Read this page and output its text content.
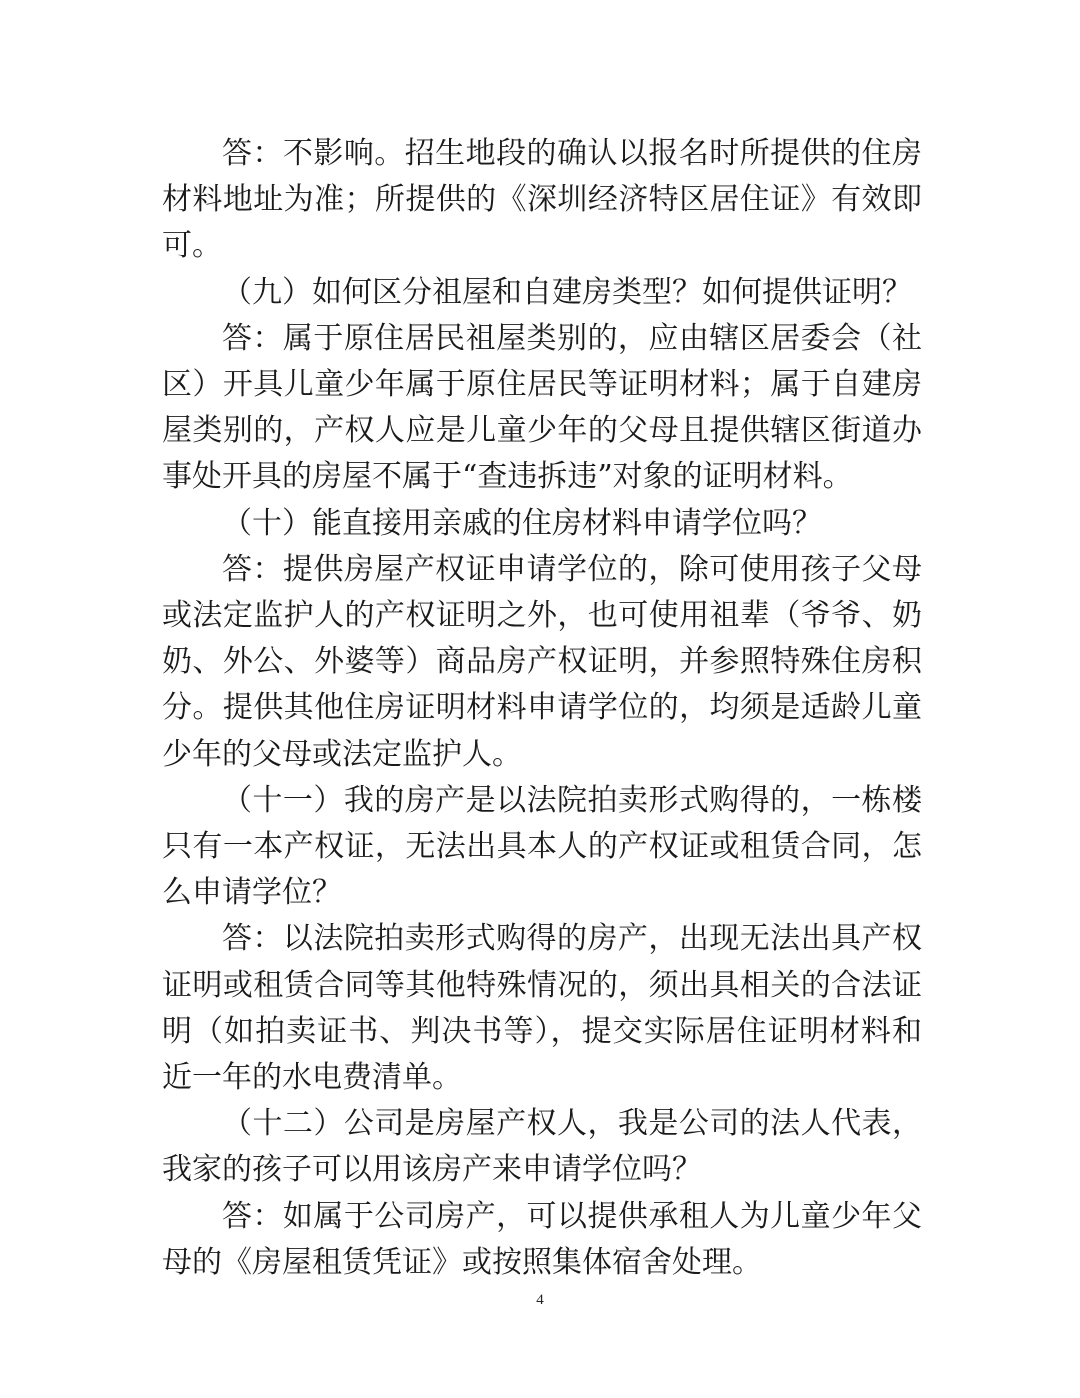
答：不影响。招生地段的确认以报名时所提供的住房材料地址为准；所提供的《深圳经济特区居住证》有效即可。

（九）如何区分祖屋和自建房类型？如何提供证明？

答：属于原住居民祖屋类别的，应由辖区居委会（社区）开具儿童少年属于原住居民等证明材料；属于自建房屋类别的，产权人应是儿童少年的父母且提供辖区街道办事处开具的房屋不属于“查违拆违”对象的证明材料。

（十）能直接用亲戚的住房材料申请学位吗？

答：提供房屋产权证申请学位的，除可使用孩子父母或法定监护人的产权证明之外，也可使用祖辈（爷爷、奶奶、外公、外婆等）商品房产权证明，并参照特殊住房积分。提供其他住房证明材料申请学位的，均须是适龄儿童少年的父母或法定监护人。

（十一）我的房产是以法院拍卖形式购得的，一栋楼只有一本产权证，无法出具本人的产权证或租赁合同，怎么申请学位？

答：以法院拍卖形式购得的房产，出现无法出具产权证明或租赁合同等其他特殊情况的，须出具相关的合法证明（如拍卖证书、判决书等），提交实际居住证明材料和近一年的水电费清单。

（十二）公司是房屋产权人，我是公司的法人代表，我家的孩子可以用该房产来申请学位吗？

答：如属于公司房产，可以提供承租人为儿童少年父母的《房屋租赁凭证》或按照集体宿舍处理。

4
